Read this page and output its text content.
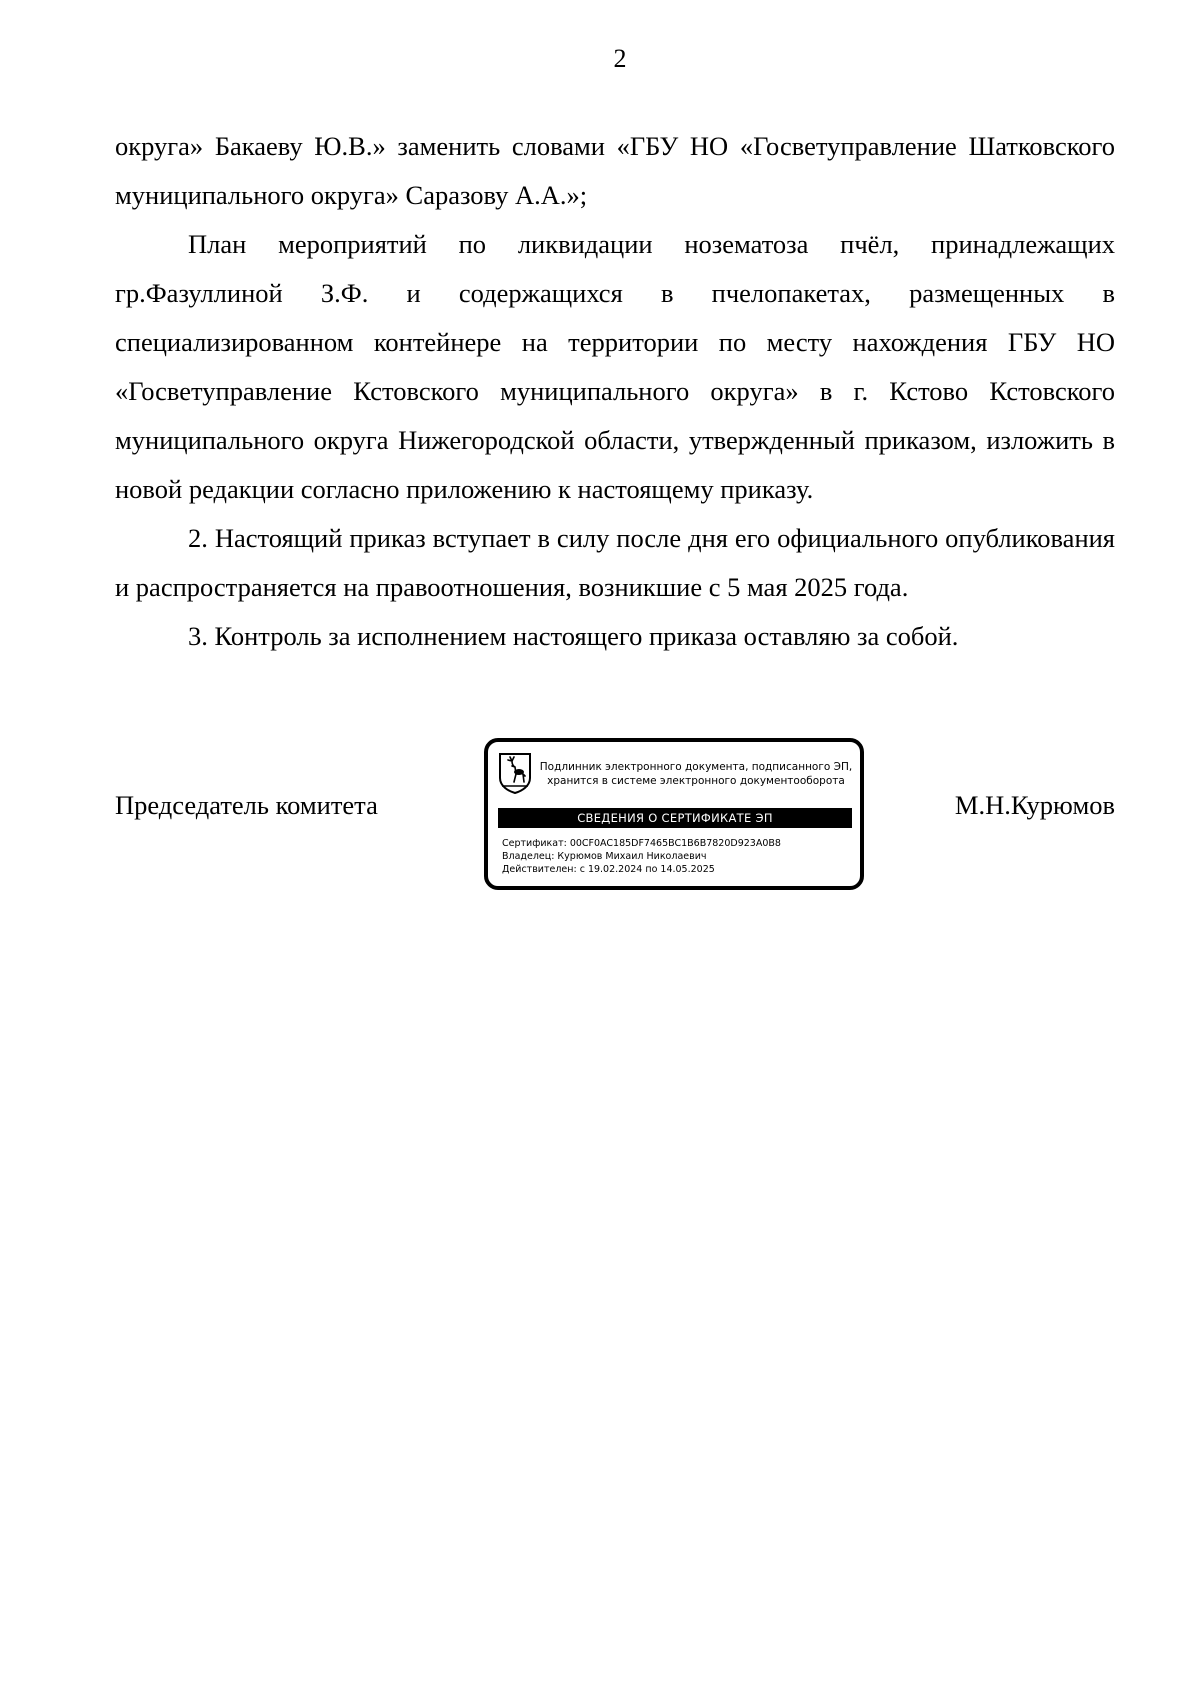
2

округа» Бакаеву Ю.В.» заменить словами «ГБУ НО «Госветуправление Шатковского муниципального округа» Саразову А.А.»;

План мероприятий по ликвидации нозематоза пчёл, принадлежащих гр.Фазуллиной З.Ф. и содержащихся в пчелопакетах, размещенных в специализированном контейнере на территории по месту нахождения ГБУ НО «Госветуправление Кстовского муниципального округа» в г. Кстово Кстовского муниципального округа Нижегородской области, утвержденный приказом, изложить в новой редакции согласно приложению к настоящему приказу.

2. Настоящий приказ вступает в силу после дня его официального опубликования и распространяется на правоотношения, возникшие с 5 мая 2025 года.

3. Контроль за исполнением настоящего приказа оставляю за собой.

Председатель комитета
Подлинник электронного документа, подписанного ЭП,
хранится в системе электронного документооборота
СВЕДЕНИЯ О СЕРТИФИКАТЕ ЭП
Сертификат: 00CF0AC185DF7465BC1B6B7820D923A0B8
Владелец: Курюмов Михаил Николаевич
Действителен: с 19.02.2024 по 14.05.2025
М.Н.Курюмов
